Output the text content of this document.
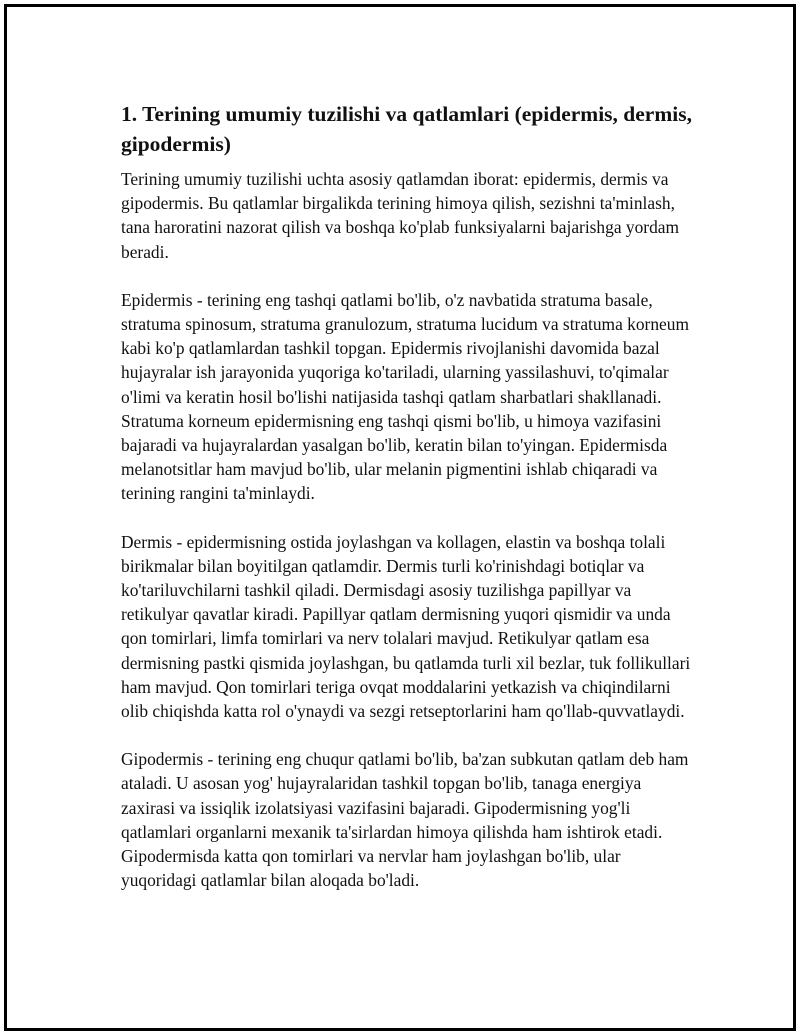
1. Terining umumiy tuzilishi va qatlamlari (epidermis, dermis, gipodermis)

Terining umumiy tuzilishi uchta asosiy qatlamdan iborat: epidermis, dermis va gipodermis. Bu qatlamlar birgalikda terining himoya qilish, sezishni ta'minlash, tana haroratini nazorat qilish va boshqa ko'plab funksiyalarni bajarishga yordam beradi.

Epidermis - terining eng tashqi qatlami bo'lib, o'z navbatida stratuma basale, stratuma spinosum, stratuma granulozum, stratuma lucidum va stratuma korneum kabi ko'p qatlamlardan tashkil topgan. Epidermis rivojlanishi davomida bazal hujayralar ish jarayonida yuqoriga ko'tariladi, ularning yassilashuvi, to'qimalar o'limi va keratin hosil bo'lishi natijasida tashqi qatlam sharbatlari shakllanadi. Stratuma korneum epidermisning eng tashqi qismi bo'lib, u himoya vazifasini bajaradi va hujayralardan yasalgan bo'lib, keratin bilan to'yingan. Epidermisda melanotsitlar ham mavjud bo'lib, ular melanin pigmentini ishlab chiqaradi va terining rangini ta'minlaydi.

Dermis - epidermisning ostida joylashgan va kollagen, elastin va boshqa tolali birikmalar bilan boyitilgan qatlamdir. Dermis turli ko'rinishdagi botiqlar va ko'tariluvchilarni tashkil qiladi. Dermisdagi asosiy tuzilishga papillyar va retikulyar qavatlar kiradi. Papillyar qatlam dermisning yuqori qismidir va unda qon tomirlari, limfa tomirlari va nerv tolalari mavjud. Retikulyar qatlam esa dermisning pastki qismida joylashgan, bu qatlamda turli xil bezlar, tuk follikullari ham mavjud. Qon tomirlari teriga ovqat moddalarini yetkazish va chiqindilarni olib chiqishda katta rol o'ynaydi va sezgi retseptorlarini ham qo'llab-quvvatlaydi.

Gipodermis - terining eng chuqur qatlami bo'lib, ba'zan subkutan qatlam deb ham ataladi. U asosan yog' hujayralaridan tashkil topgan bo'lib, tanaga energiya zaxirasi va issiqlik izolatsiyasi vazifasini bajaradi. Gipodermisning yog'li qatlamlari organlarni mexanik ta'sirlardan himoya qilishda ham ishtirok etadi. Gipodermisda katta qon tomirlari va nervlar ham joylashgan bo'lib, ular yuqoridagi qatlamlar bilan aloqada bo'ladi.
